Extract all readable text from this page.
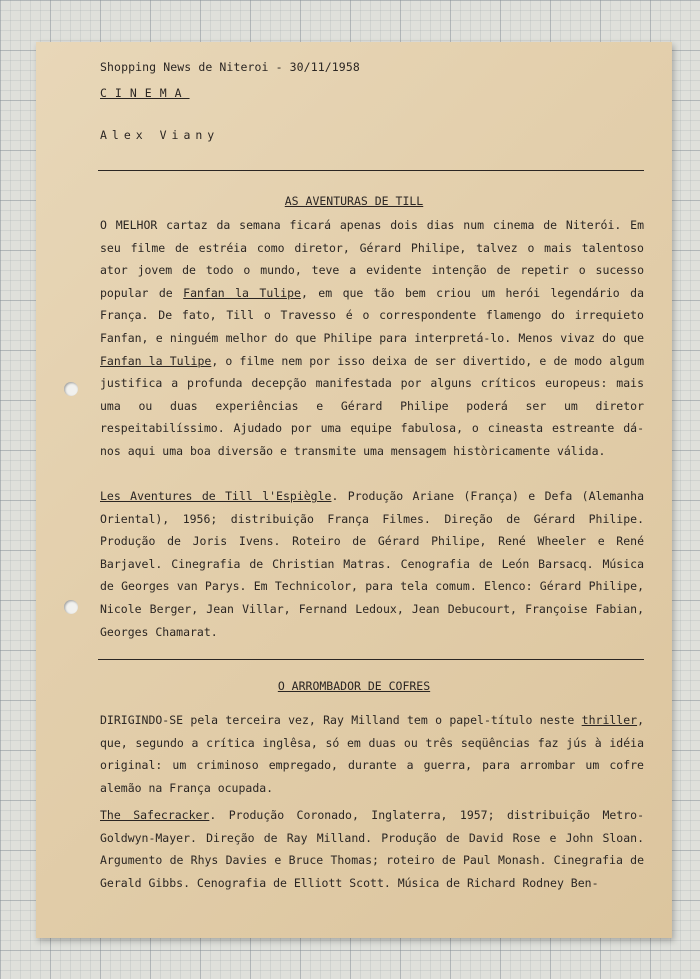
Shopping News de Niteroi - 30/11/1958
CINEMA
Alex Viany
AS AVENTURAS DE TILL

O MELHOR cartaz da semana ficará apenas dois dias num cinema de Niterói. Em seu filme de estréia como diretor, Gérard Philipe, talvez o mais talentoso ator jovem de todo o mundo, teve a evidente intenção de repetir o sucesso popular de Fanfan la Tulipe, em que tão bem criou um herói legendário da França. De fato, Till o Travesso é o correspondente flamengo do irrequieto Fanfan, e ninguém melhor do que Philipe para interpretá-lo. Menos vivaz do que Fanfan la Tulipe, o filme nem por isso deixa de ser divertido, e de modo algum justifica a profunda decepção manifestada por alguns críticos europeus: mais uma ou duas experiências e Gérard Philipe poderá ser um diretor respeitabilíssimo. Ajudado por uma equipe fabulosa, o cineasta estreante dá-nos aqui uma boa diversão e transmite uma mensagem històricamente válida.

Les Aventures de Till l'Espiègle. Produção Ariane (França) e Defa (Alemanha Oriental), 1956; distribuição França Filmes. Direção de Gérard Philipe. Produção de Joris Ivens. Roteiro de Gérard Philipe, René Wheeler e René Barjavel. Cinegrafia de Christian Matras. Cenografia de León Barsacq. Música de Georges van Parys. Em Technicolor, para tela comum. Elenco: Gérard Philipe, Nicole Berger, Jean Villar, Fernand Ledoux, Jean Debucourt, Françoise Fabian, Georges Chamarat.

O ARROMBADOR DE COFRES

DIRIGINDO-SE pela terceira vez, Ray Milland tem o papel-título neste thriller, que, segundo a crítica inglêsa, só em duas ou três seqüências faz jús à idéia original: um criminoso empregado, durante a guerra, para arrombar um cofre alemão na França ocupada.

The Safecracker. Produção Coronado, Inglaterra, 1957; distribuição Metro-Goldwyn-Mayer. Direção de Ray Milland. Produção de David Rose e John Sloan. Argumento de Rhys Davies e Bruce Thomas; roteiro de Paul Monash. Cinegrafia de Gerald Gibbs. Cenografia de Elliott Scott. Música de Richard Rodney Ben-
